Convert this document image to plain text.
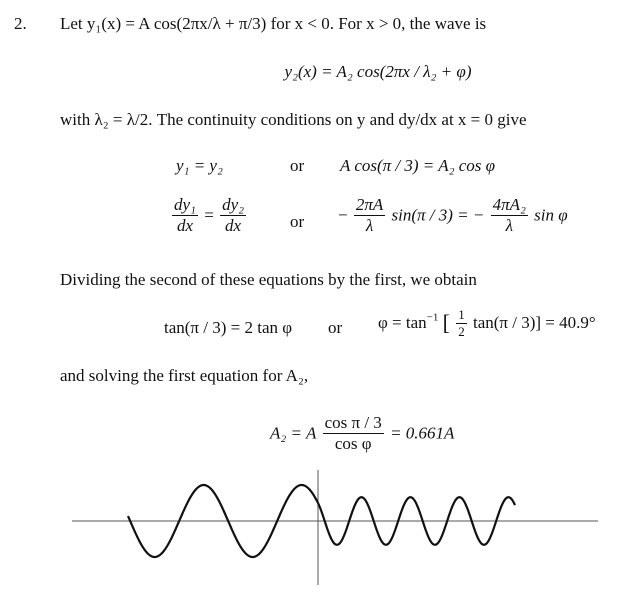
2. Let y₁(x) = A cos(2πx/λ + π/3) for x < 0. For x > 0, the wave is
y₂(x) = A₂ cos(2πx / λ₂ + φ)
with λ₂ = λ/2. The continuity conditions on y and dy/dx at x = 0 give
y₁ = y₂	or A cos(π / 3) = A₂ cos φ
$\frac{\text{dy₁}}{dx} = \frac{\text{dy₂}}{dx}$	or − $\frac{2\pi A}{\lambda} \sin(\pi / 3)$ = − $\frac{\text{4πA₂}}{\lambda}$ sin φ
Dividing the second of these equations by the first, we obtain
tan(π / 3) = 2 tan φ or $\varphi = \tan^{-1}$ [ $\frac{1}{2} \tan(\pi / 3)] = 40.9^\circ$
and solving the first equation for A₂,
A₂ = A $\frac{\text{cos π / 3}}{\text{cos φ}} = 0.661A$
